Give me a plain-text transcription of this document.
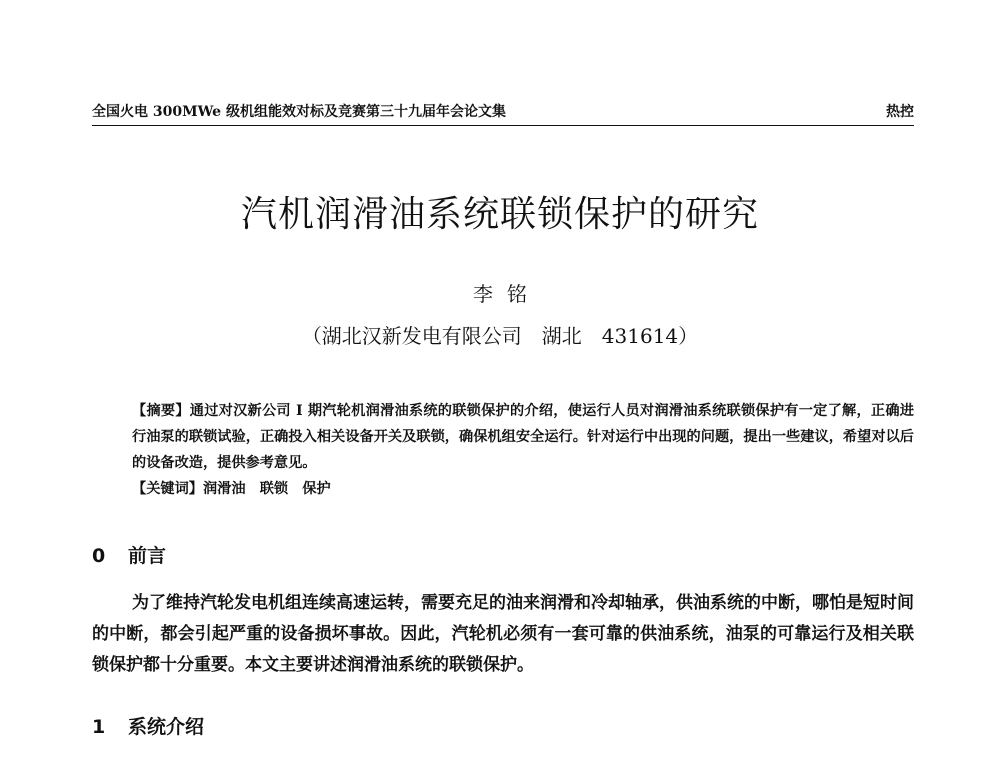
全国火电 300MWe 级机组能效对标及竞赛第三十九届年会论文集	热控
汽机润滑油系统联锁保护的研究
李铭
（湖北汉新发电有限公司　湖北　431614）

【摘要】通过对汉新公司 I 期汽轮机润滑油系统的联锁保护的介绍，使运行人员对润滑油系统联锁保护有一定了解，正确进行油泵的联锁试验，正确投入相关设备开关及联锁，确保机组安全运行。针对运行中出现的问题，提出一些建议，希望对以后的设备改造，提供参考意见。

【关键词】润滑油　联锁　保护

0 前言

为了维持汽轮发电机组连续高速运转，需要充足的油来润滑和冷却轴承，供油系统的中断，哪怕是短时间的中断，都会引起严重的设备损坏事故。因此，汽轮机必须有一套可靠的供油系统，油泵的可靠运行及相关联锁保护都十分重要。本文主要讲述润滑油系统的联锁保护。

1 系统介绍
